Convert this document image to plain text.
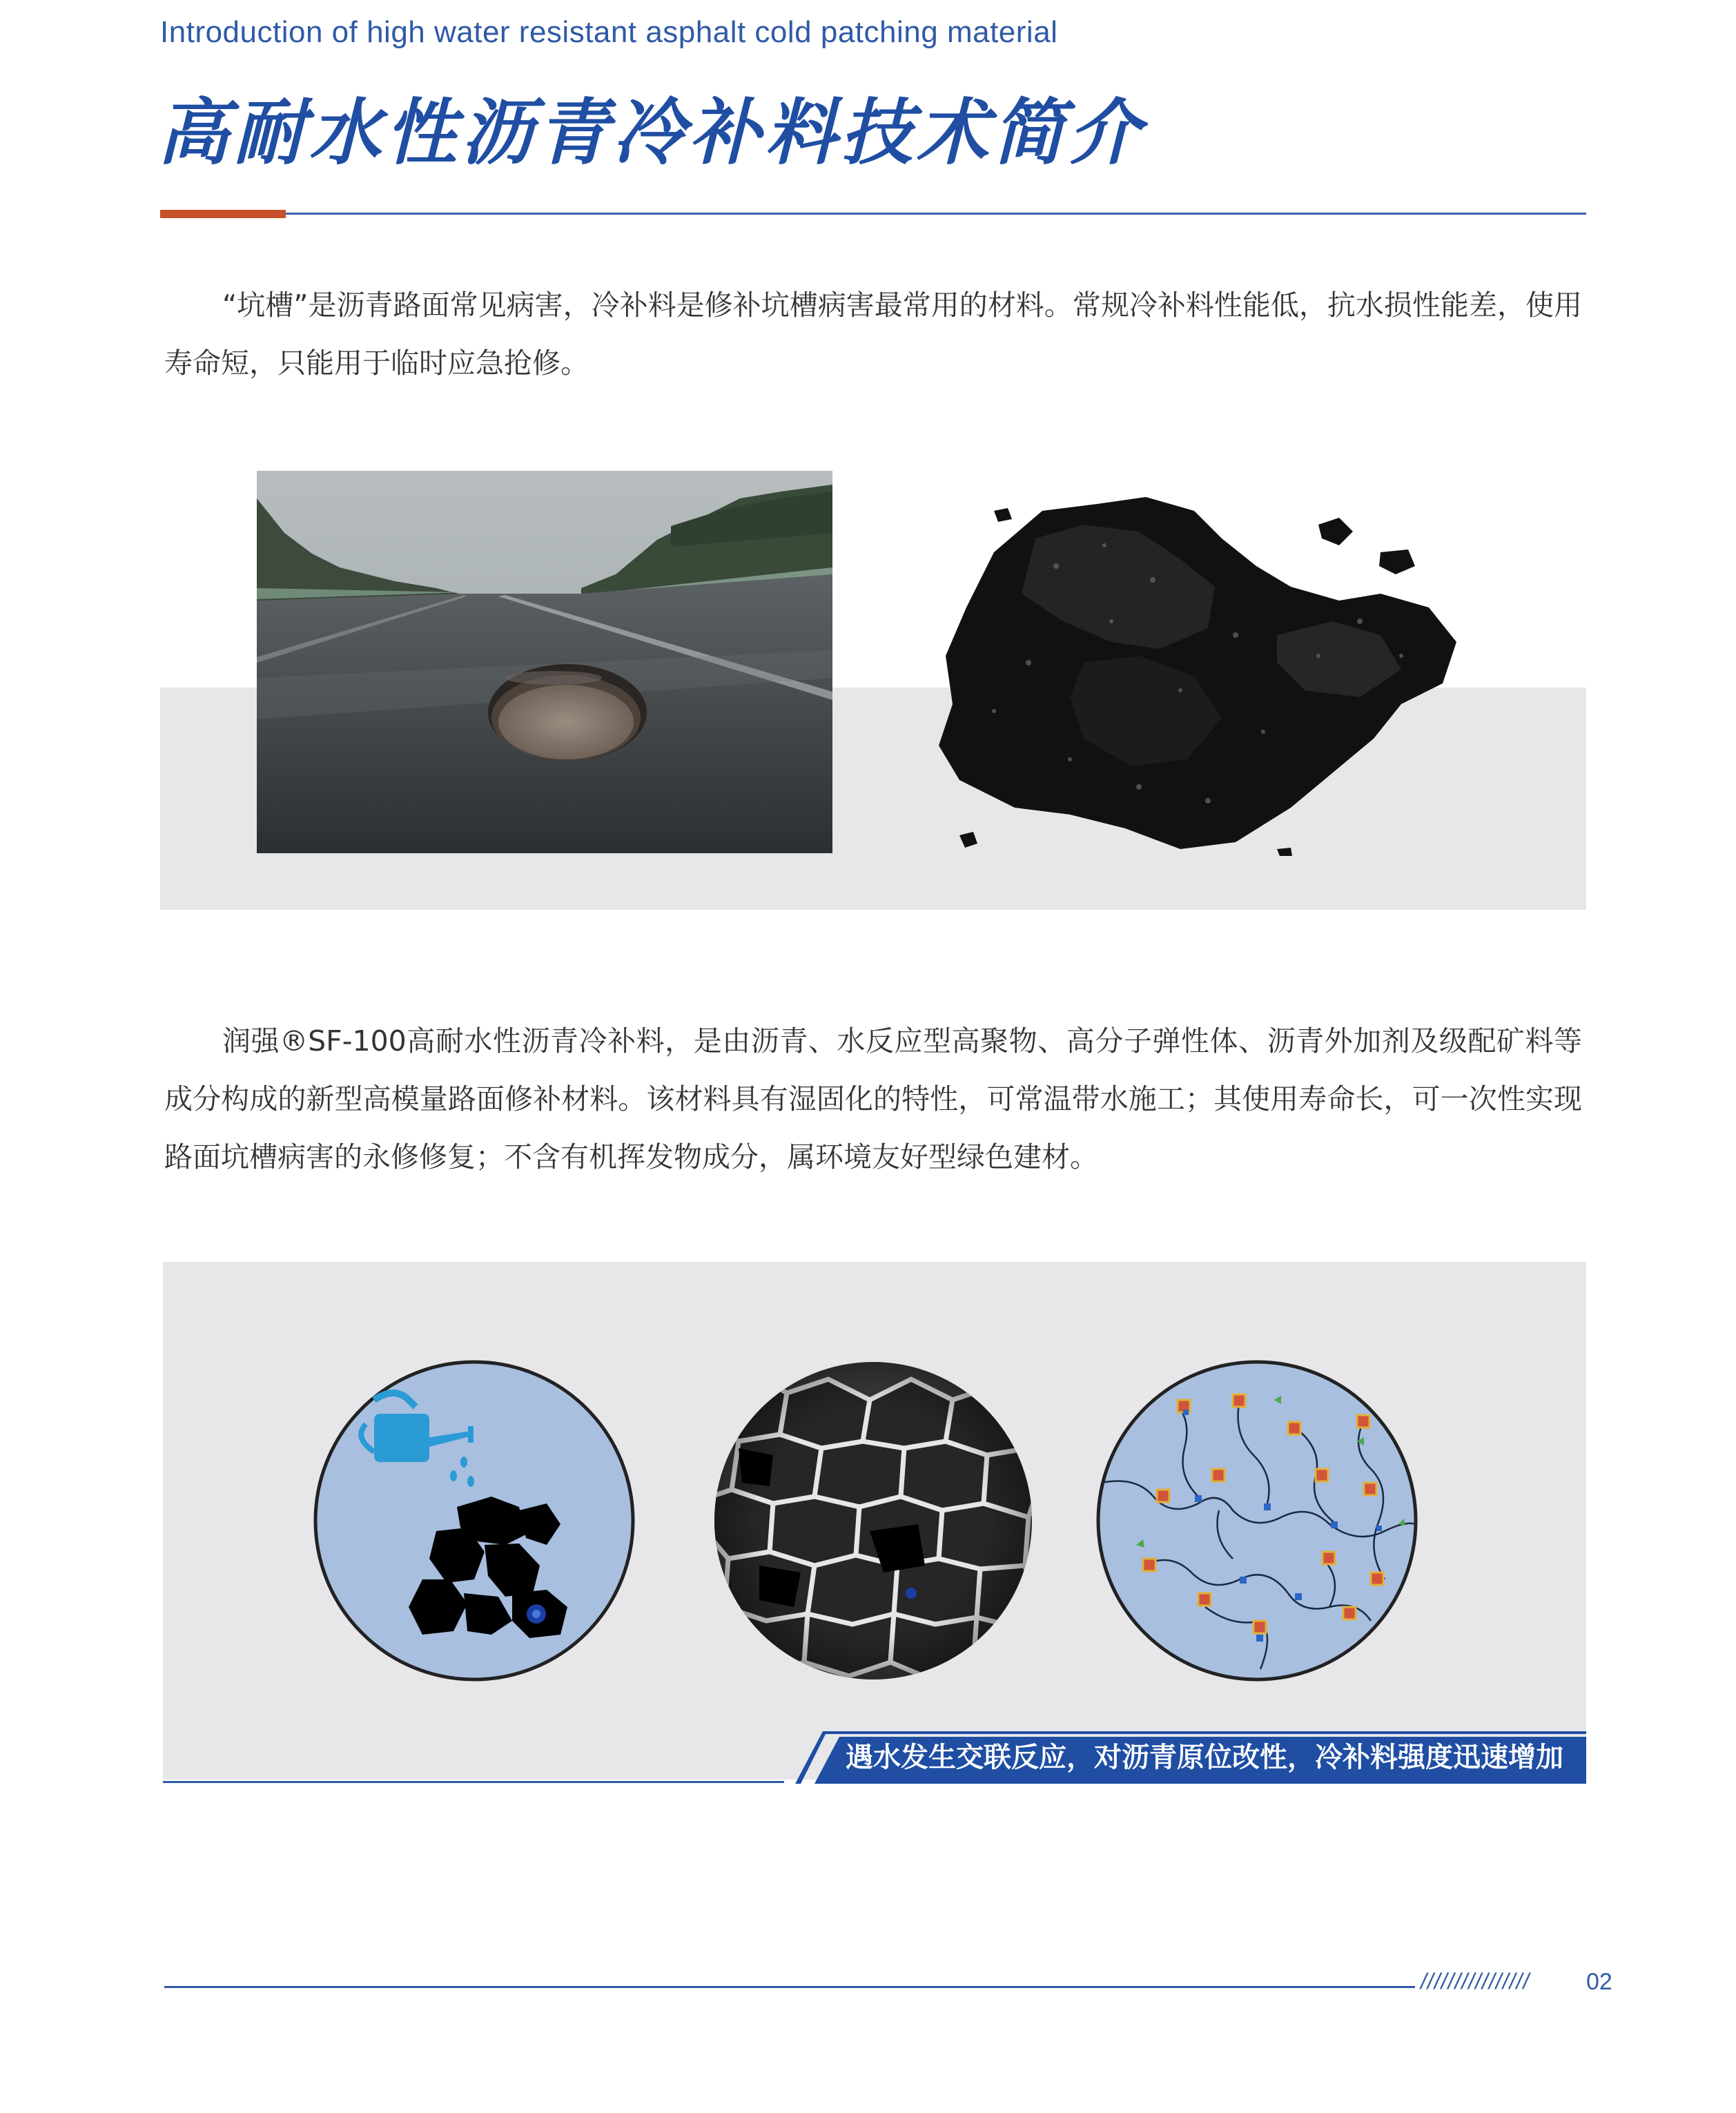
Introduction of high water resistant asphalt cold patching material
高耐水性沥青冷补料技术简介

“坑槽”是沥青路面常见病害，冷补料是修补坑槽病害最常用的材料。常规冷补料性能低，抗水损性能差，使用寿命短，只能用于临时应急抢修。

润强®SF-100高耐水性沥青冷补料，是由沥青、水反应型高聚物、高分子弹性体、沥青外加剂及级配矿料等成分构成的新型高模量路面修补材料。该材料具有湿固化的特性，可常温带水施工；其使用寿命长，可一次性实现路面坑槽病害的永修修复；不含有机挥发物成分，属环境友好型绿色建材。

遇水发生交联反应，对沥青原位改性，冷补料强度迅速增加
//////////////// 02
